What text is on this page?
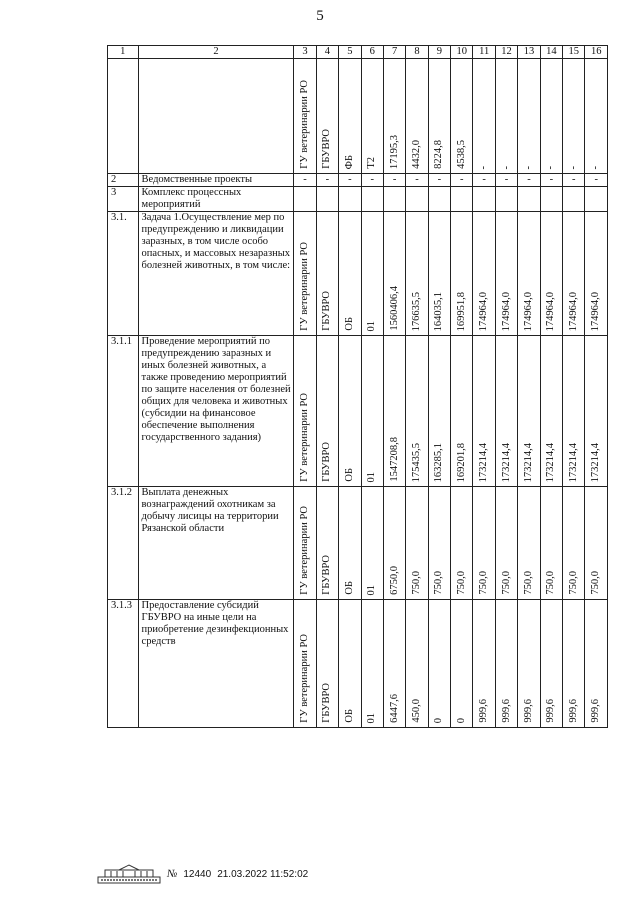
5
1	2	3	4	5	6	7	8	9	10	11	12	13	14	15	16

		ГУ ветеринарии РО	ГБУВРО	ФБ	Т2	17195,3	4432,0	8224,8	4538,5	-	-	-	-	-	-

2	Ведомственные проекты	-	-	-	-	-	-	-	-	-	-	-	-	-	-
3	Комплекс процессных мероприятий														
3.1.	Задача 1.Осуществление мер по предупреждению и ликвидации заразных, в том числе особо опасных, и массовых незаразных болезней животных, в том числе:	ГУ ветеринарии РО	ГБУВРО	ОБ	01	1560406,4	176635,5	164035,1	169951,8	174964,0	174964,0	174964,0	174964,0	174964,0	174964,0

3.1.1	Проведение мероприятий по предупреждению заразных и иных болезней животных, а также проведению мероприятий по защите населения от болезней общих для человека и животных (субсидии на финансовое обеспечение выполнения государственного задания)	ГУ ветеринарии РО	ГБУВРО	ОБ	01	1547208,8	175435,5	163285,1	169201,8	173214,4	173214,4	173214,4	173214,4	173214,4	173214,4

3.1.2	Выплата денежных вознаграждений охотникам за добычу лисицы на территории Рязанской области	ГУ ветеринарии РО	ГБУВРО	ОБ	01	6750,0	750,0	750,0	750,0	750,0	750,0	750,0	750,0	750,0	750,0

3.1.3	Предоставление субсидий ГБУВРО на иные цели на приобретение дезинфекционных средств	ГУ ветеринарии РО	ГБУВРО	ОБ	01	6447,6	450,0	0	0	999,6	999,6	999,6	999,6	999,6	999,6
№ 12440 21.03.2022 11:52:02
